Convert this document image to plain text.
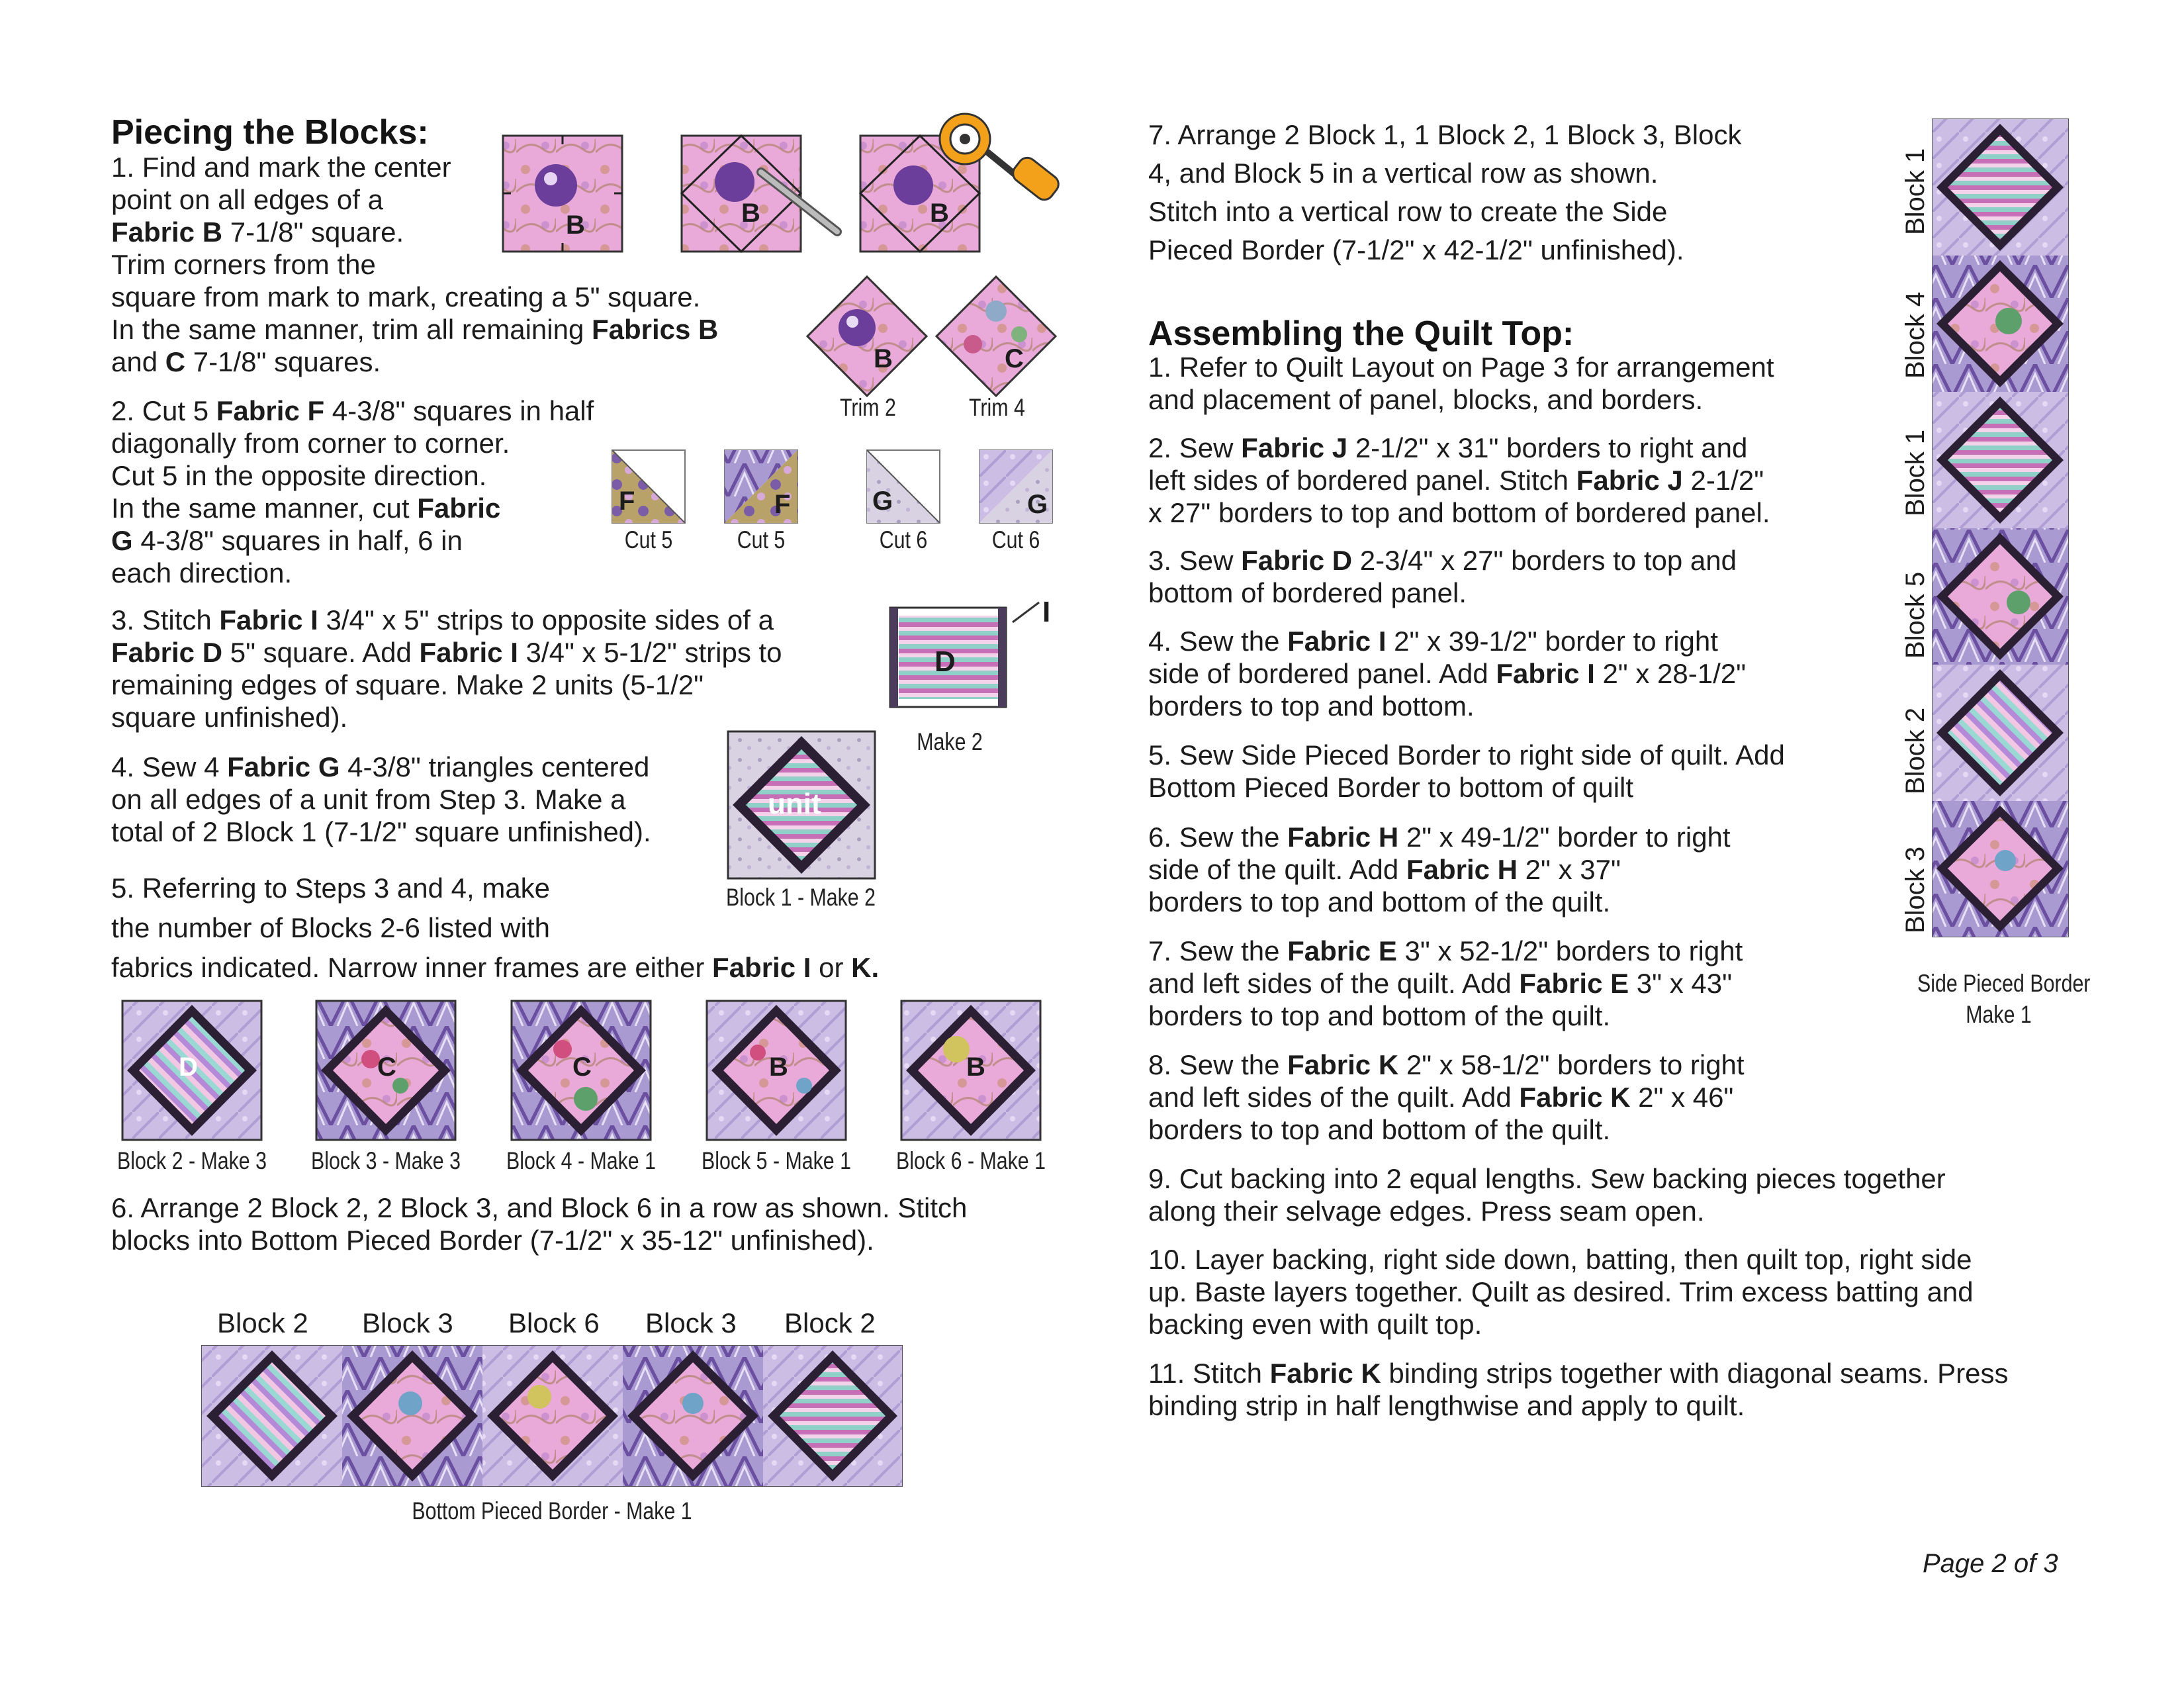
Piecing the Blocks:
1. Find and mark the center
point on all edges of a
Fabric B 7-1/8" square.
Trim corners from the
square from mark to mark, creating a 5" square.
In the same manner, trim all remaining Fabrics B
and C 7-1/8" squares.
2. Cut 5 Fabric F 4-3/8" squares in half
diagonally from corner to corner.
Cut 5 in the opposite direction.
In the same manner, cut Fabric
G 4-3/8" squares in half, 6 in
each direction.
3. Stitch Fabric I 3/4" x 5" strips to opposite sides of a
Fabric D 5" square. Add Fabric I 3/4" x 5-1/2" strips to
remaining edges of square. Make 2 units (5-1/2"
square unfinished).
4. Sew 4 Fabric G 4-3/8" triangles centered
on all edges of a unit from Step 3. Make a
total of 2 Block 1 (7-1/2" square unfinished).
5. Referring to Steps 3 and 4, make
the number of Blocks 2-6 listed with
fabrics indicated. Narrow inner frames are either Fabric I or K.
6. Arrange 2 Block 2, 2 Block 3, and Block 6 in a row as shown. Stitch
blocks into Bottom Pieced Border (7-1/2" x 35-12" unfinished).
B	B	B
B	C
F	F	G	G
D
I
unit
D	C	C	B	B
Trim 2	Trim 4
Cut 5	Cut 5	Cut 6	Cut 6
Make 2
Block 1 - Make 2
Block 2 - Make 3 Block 3 - Make 3 Block 4 - Make 1 Block 5 - Make 1 Block 6 - Make 1
Block 2 Block 3 Block 6 Block 3 Block 2
Bottom Pieced Border - Make 1
7. Arrange 2 Block 1, 1 Block 2, 1 Block 3, Block
4, and Block 5 in a vertical row as shown.
Stitch into a vertical row to create the Side
Pieced Border (7-1/2" x 42-1/2" unfinished).
Assembling the Quilt Top:
1. Refer to Quilt Layout on Page 3 for arrangement
and placement of panel, blocks, and borders.
2. Sew Fabric J 2-1/2" x 31" borders to right and
left sides of bordered panel. Stitch Fabric J 2-1/2"
x 27" borders to top and bottom of bordered panel.
3. Sew Fabric D 2-3/4" x 27" borders to top and
bottom of bordered panel.
4. Sew the Fabric I 2" x 39-1/2" border to right
side of bordered panel. Add Fabric I 2" x 28-1/2"
borders to top and bottom.
5. Sew Side Pieced Border to right side of quilt. Add
Bottom Pieced Border to bottom of quilt
6. Sew the Fabric H 2" x 49-1/2" border to right
side of the quilt. Add Fabric H 2" x 37"
borders to top and bottom of the quilt.
7. Sew the Fabric E 3" x 52-1/2" borders to right
and left sides of the quilt. Add Fabric E 3" x 43"
borders to top and bottom of the quilt.
8. Sew the Fabric K 2" x 58-1/2" borders to right
and left sides of the quilt. Add Fabric K 2" x 46"
borders to top and bottom of the quilt.
9. Cut backing into 2 equal lengths. Sew backing pieces together
along their selvage edges. Press seam open.
10. Layer backing, right side down, batting, then quilt top, right side
up. Baste layers together. Quilt as desired. Trim excess batting and
backing even with quilt top.
11. Stitch Fabric K binding strips together with diagonal seams. Press
binding strip in half lengthwise and apply to quilt.
Block 1
Block 4
Block 1
Block 5
Block 2
Block 3
Side Pieced Border
Make 1
Page 2 of 3
